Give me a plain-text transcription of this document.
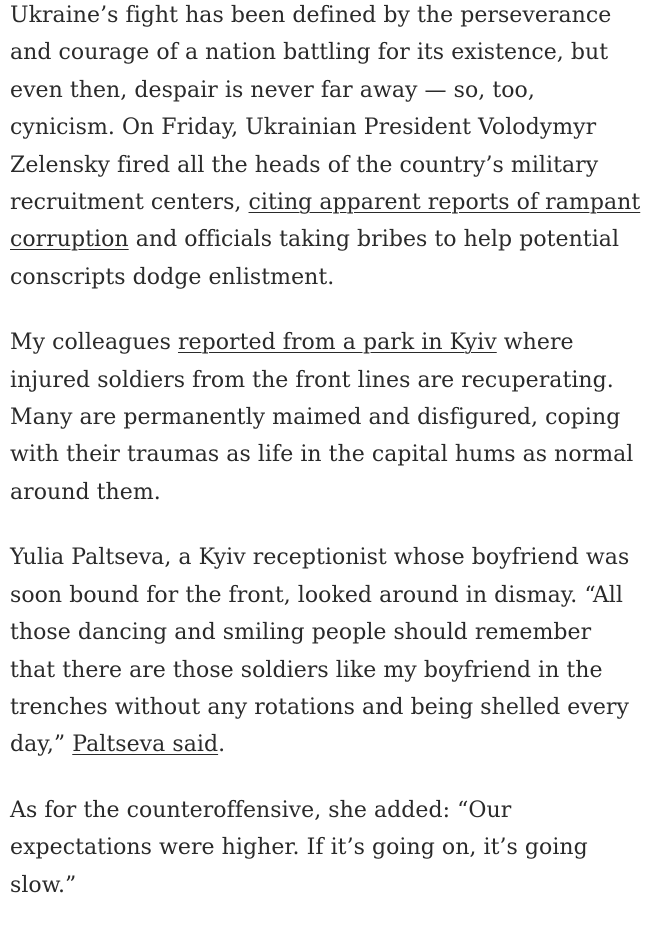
Ukraine’s fight has been defined by the perseverance and courage of a nation battling for its existence, but even then, despair is never far away — so, too, cynicism. On Friday, Ukrainian President Volodymyr Zelensky fired all the heads of the country’s military recruitment centers, citing apparent reports of rampant corruption and officials taking bribes to help potential conscripts dodge enlistment.

My colleagues reported from a park in Kyiv where injured soldiers from the front lines are recuperating. Many are permanently maimed and disfigured, coping with their traumas as life in the capital hums as normal around them.

Yulia Paltseva, a Kyiv receptionist whose boyfriend was soon bound for the front, looked around in dismay. “All those dancing and smiling people should remember that there are those soldiers like my boyfriend in the trenches without any rotations and being shelled every day,” Paltseva said.

As for the counteroffensive, she added: “Our expectations were higher. If it’s going on, it’s going slow.”
